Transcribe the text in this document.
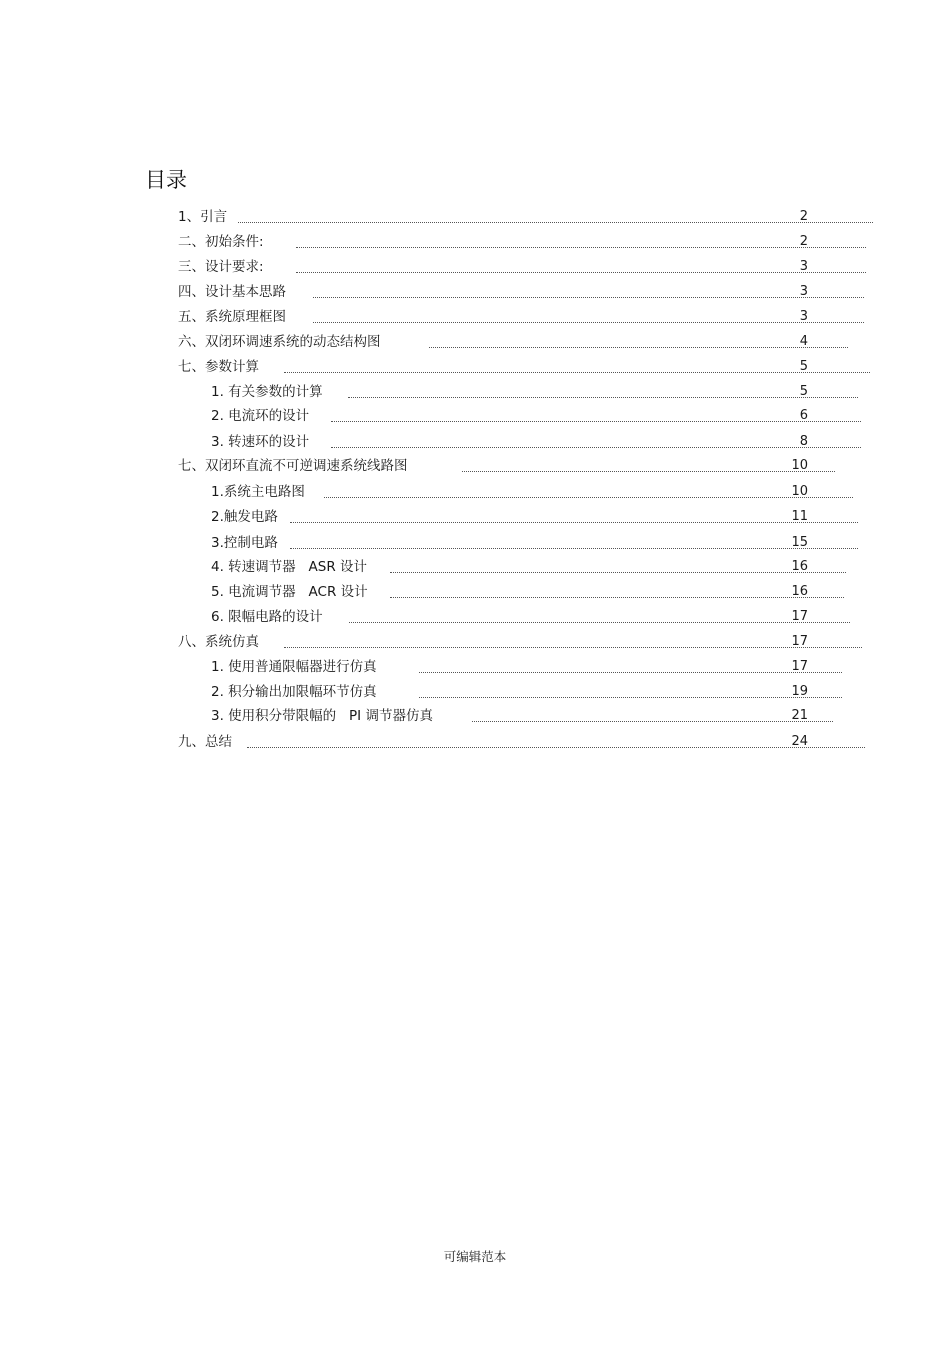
目录
1、引言	2
二、初始条件:	2
三、设计要求:	3
四、设计基本思路	3
五、系统原理框图	3
六、双闭环调速系统的动态结构图	4
七、参数计算	5
1. 有关参数的计算	5
2. 电流环的设计	6
3. 转速环的设计	8
七、双闭环直流不可逆调速系统线路图	10
1.系统主电路图	10
2.触发电路	11
3.控制电路	15
4. 转速调节器   ASR 设计	16
5. 电流调节器   ACR 设计	16
6. 限幅电路的设计	17
八、系统仿真	17
1. 使用普通限幅器进行仿真	17
2. 积分输出加限幅环节仿真	19
3. 使用积分带限幅的   PI 调节器仿真	21
九、总结	24
可编辑范本
